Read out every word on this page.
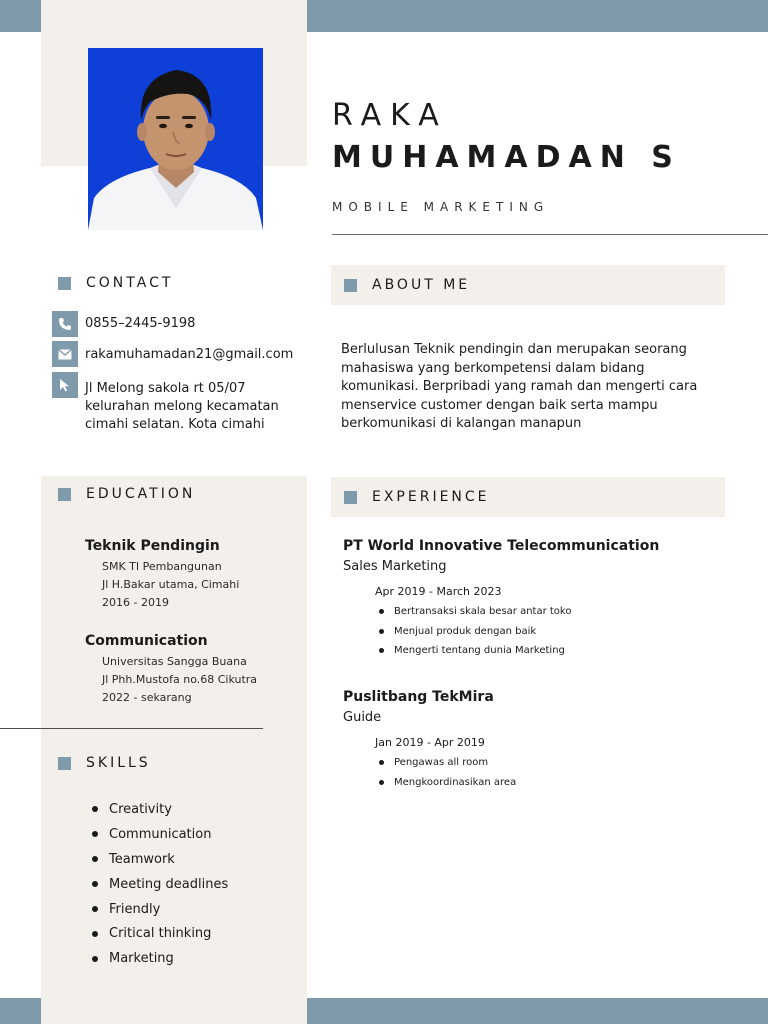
RAKA
MUHAMADAN S
MOBILE MARKETING
CONTACT
0855–2445-9198
rakamuhamadan21@gmail.com
Jl Melong sakola rt 05/07
kelurahan melong kecamatan
cimahi selatan. Kota cimahi
ABOUT ME
Berlulusan Teknik pendingin dan merupakan seorang
mahasiswa yang berkompetensi dalam bidang
komunikasi. Berpribadi yang ramah dan mengerti cara
menservice customer dengan baik serta mampu
berkomunikasi di kalangan manapun
EDUCATION
Teknik Pendingin
SMK TI Pembangunan
Jl H.Bakar utama, Cimahi
2016 - 2019
Communication
Universitas Sangga Buana
Jl Phh.Mustofa no.68 Cikutra
2022 - sekarang
SKILLS
Creativity
Communication
Teamwork
Meeting deadlines
Friendly
Critical thinking
Marketing
EXPERIENCE
PT World Innovative Telecommunication
Sales Marketing
Apr 2019 - March 2023
Bertransaksi skala besar antar toko
Menjual produk dengan baik
Mengerti tentang dunia Marketing
Puslitbang TekMira
Guide
Jan 2019 - Apr 2019
Pengawas all room
Mengkoordinasikan area
